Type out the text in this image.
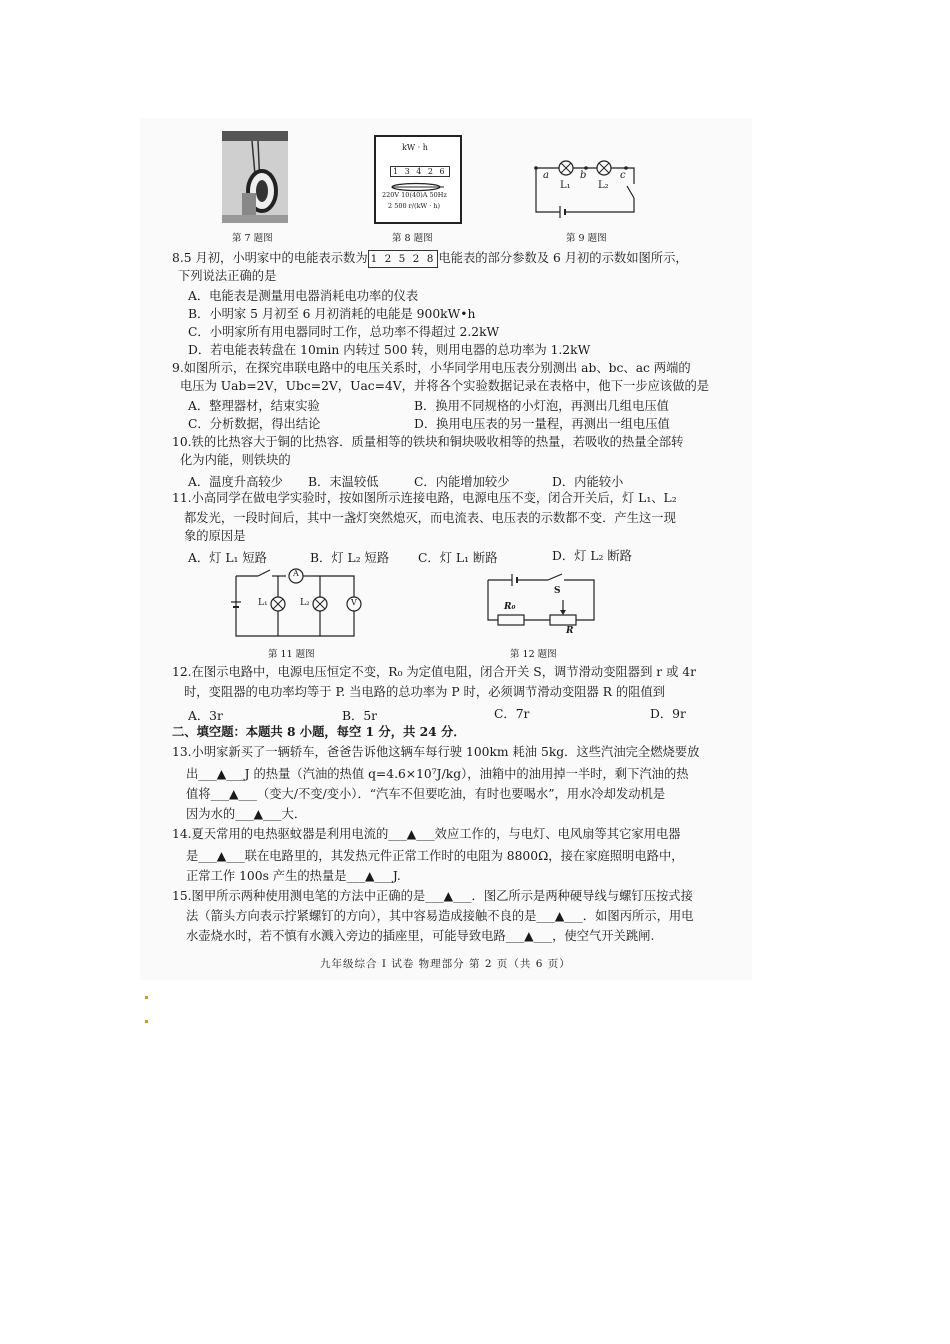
第 7 题图
kW · h
1 3 4 2 6
220V 10(40)A 50Hz
2 500 r/(kW · h)
第 8 题图
a	b	c
L₁	L₂
第 9 题图
8.5 月初，小明家中的电能表示数为 1 2 5 2 8 电能表的部分参数及 6 月初的示数如图所示，
下列说法正确的是
A．电能表是测量用电器消耗电功率的仪表
B．小明家 5 月初至 6 月初消耗的电能是 900kW•h
C．小明家所有用电器同时工作，总功率不得超过 2.2kW
D．若电能表转盘在 10min 内转过 500 转，则用电器的总功率为 1.2kW
9.如图所示，在探究串联电路中的电压关系时，小华同学用电压表分别测出 ab、bc、ac 两端的
电压为 Uab=2V，Ubc=2V，Uac=4V，并将各个实验数据记录在表格中，他下一步应该做的是
A．整理器材，结束实验	B．换用不同规格的小灯泡，再测出几组电压值
C．分析数据，得出结论	D．换用电压表的另一量程，再测出一组电压值
10.铁的比热容大于铜的比热容．质量相等的铁块和铜块吸收相等的热量，若吸收的热量全部转
化为内能，则铁块的
A．温度升高较少 B．末温较低	C．内能增加较少	D．内能较小
11.小高同学在做电学实验时，按如图所示连接电路，电源电压不变，闭合开关后，灯 L₁、L₂
都发光，一段时间后，其中一盏灯突然熄灭，而电流表、电压表的示数都不变．产生这一现
象的原因是
A．灯 L₁ 短路	B．灯 L₂ 短路 C．灯 L₁ 断路	D．灯 L₂ 断路
A
V
L₁	L₂
第 11 题图
S
R₀
R
第 12 题图
12.在图示电路中，电源电压恒定不变，R₀ 为定值电阻，闭合开关 S，调节滑动变阻器到 r 或 4r
时，变阻器的电功率均等于 P. 当电路的总功率为 P 时，必须调节滑动变阻器 R 的阻值到
A．3r	B．5r	C．7r	D．9r
二、填空题：本题共 8 小题，每空 1 分，共 24 分．
13.小明家新买了一辆轿车，爸爸告诉他这辆车每行驶 100km 耗油 5kg．这些汽油完全燃烧要放
出___▲___J 的热量（汽油的热值 q=4.6×10⁷J/kg），油箱中的油用掉一半时，剩下汽油的热
值将___▲___（变大/不变/变小）．“汽车不但要吃油，有时也要喝水”，用水冷却发动机是
因为水的___▲___大．
14.夏天常用的电热驱蚊器是利用电流的___▲___效应工作的，与电灯、电风扇等其它家用电器
是___▲___联在电路里的，其发热元件正常工作时的电阻为 8800Ω，接在家庭照明电路中，
正常工作 100s 产生的热量是___▲___J.
15.图甲所示两种使用测电笔的方法中正确的是___▲___．图乙所示是两种硬导线与螺钉压按式接
法（箭头方向表示拧紧螺钉的方向），其中容易造成接触不良的是___▲___．如图丙所示，用电
水壶烧水时，若不慎有水溅入旁边的插座里，可能导致电路___▲___，使空气开关跳闸.
九年级综合 I 试卷 物理部分 第 2 页（共 6 页）
